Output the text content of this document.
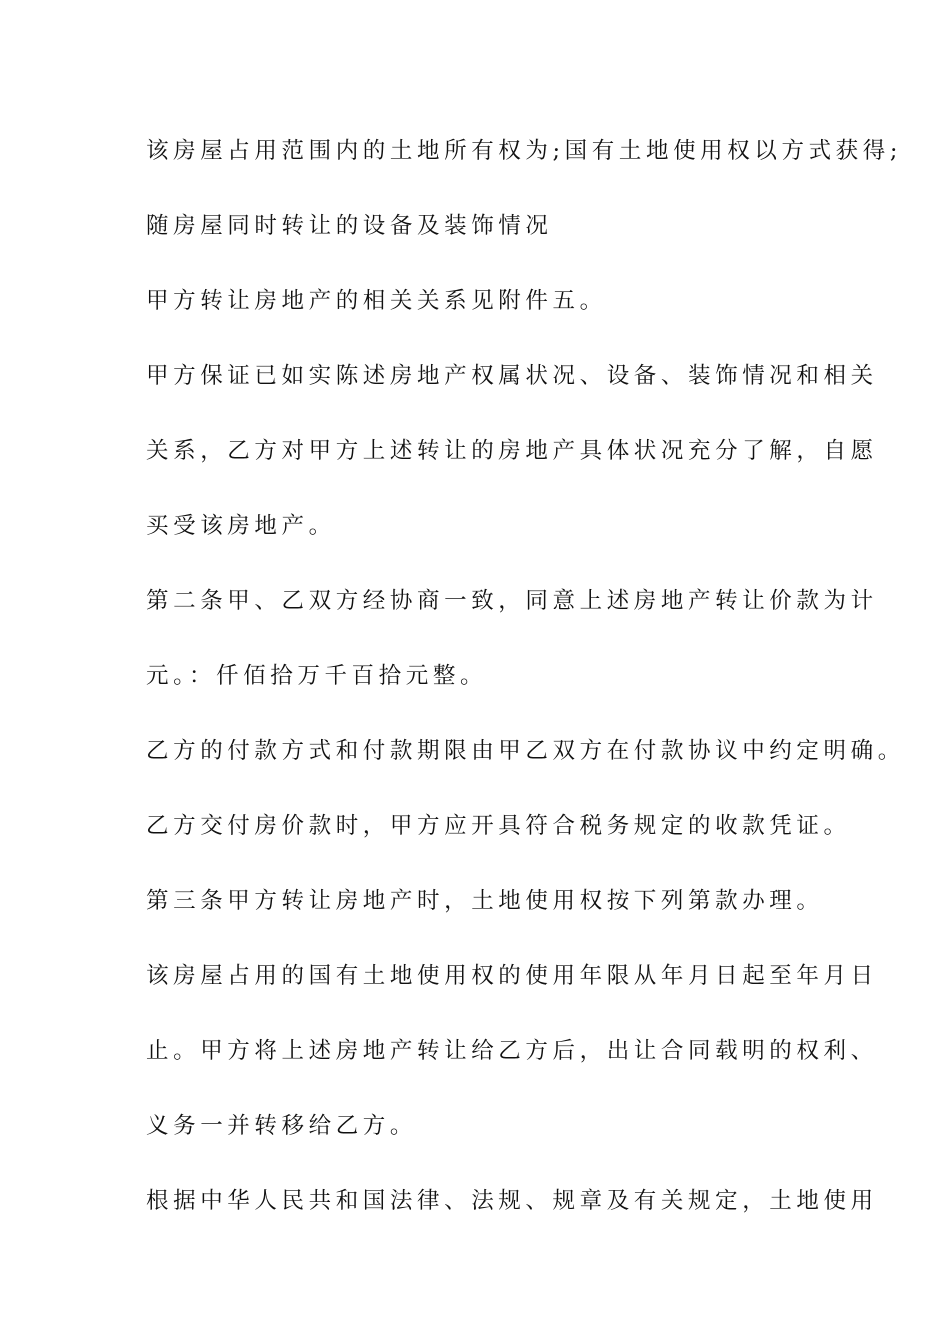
该房屋占用范围内的土地所有权为;国有土地使用权以方式获得;
随房屋同时转让的设备及装饰情况
甲方转让房地产的相关关系见附件五。
甲方保证已如实陈述房地产权属状况、设备、装饰情况和相关
关系，乙方对甲方上述转让的房地产具体状况充分了解，自愿
买受该房地产。
第二条甲、乙双方经协商一致，同意上述房地产转让价款为计
元。：仟佰拾万千百拾元整。
乙方的付款方式和付款期限由甲乙双方在付款协议中约定明确。
乙方交付房价款时，甲方应开具符合税务规定的收款凭证。
第三条甲方转让房地产时，土地使用权按下列第款办理。
该房屋占用的国有土地使用权的使用年限从年月日起至年月日
止。甲方将上述房地产转让给乙方后，出让合同载明的权利、
义务一并转移给乙方。
根据中华人民共和国法律、法规、规章及有关规定，土地使用
